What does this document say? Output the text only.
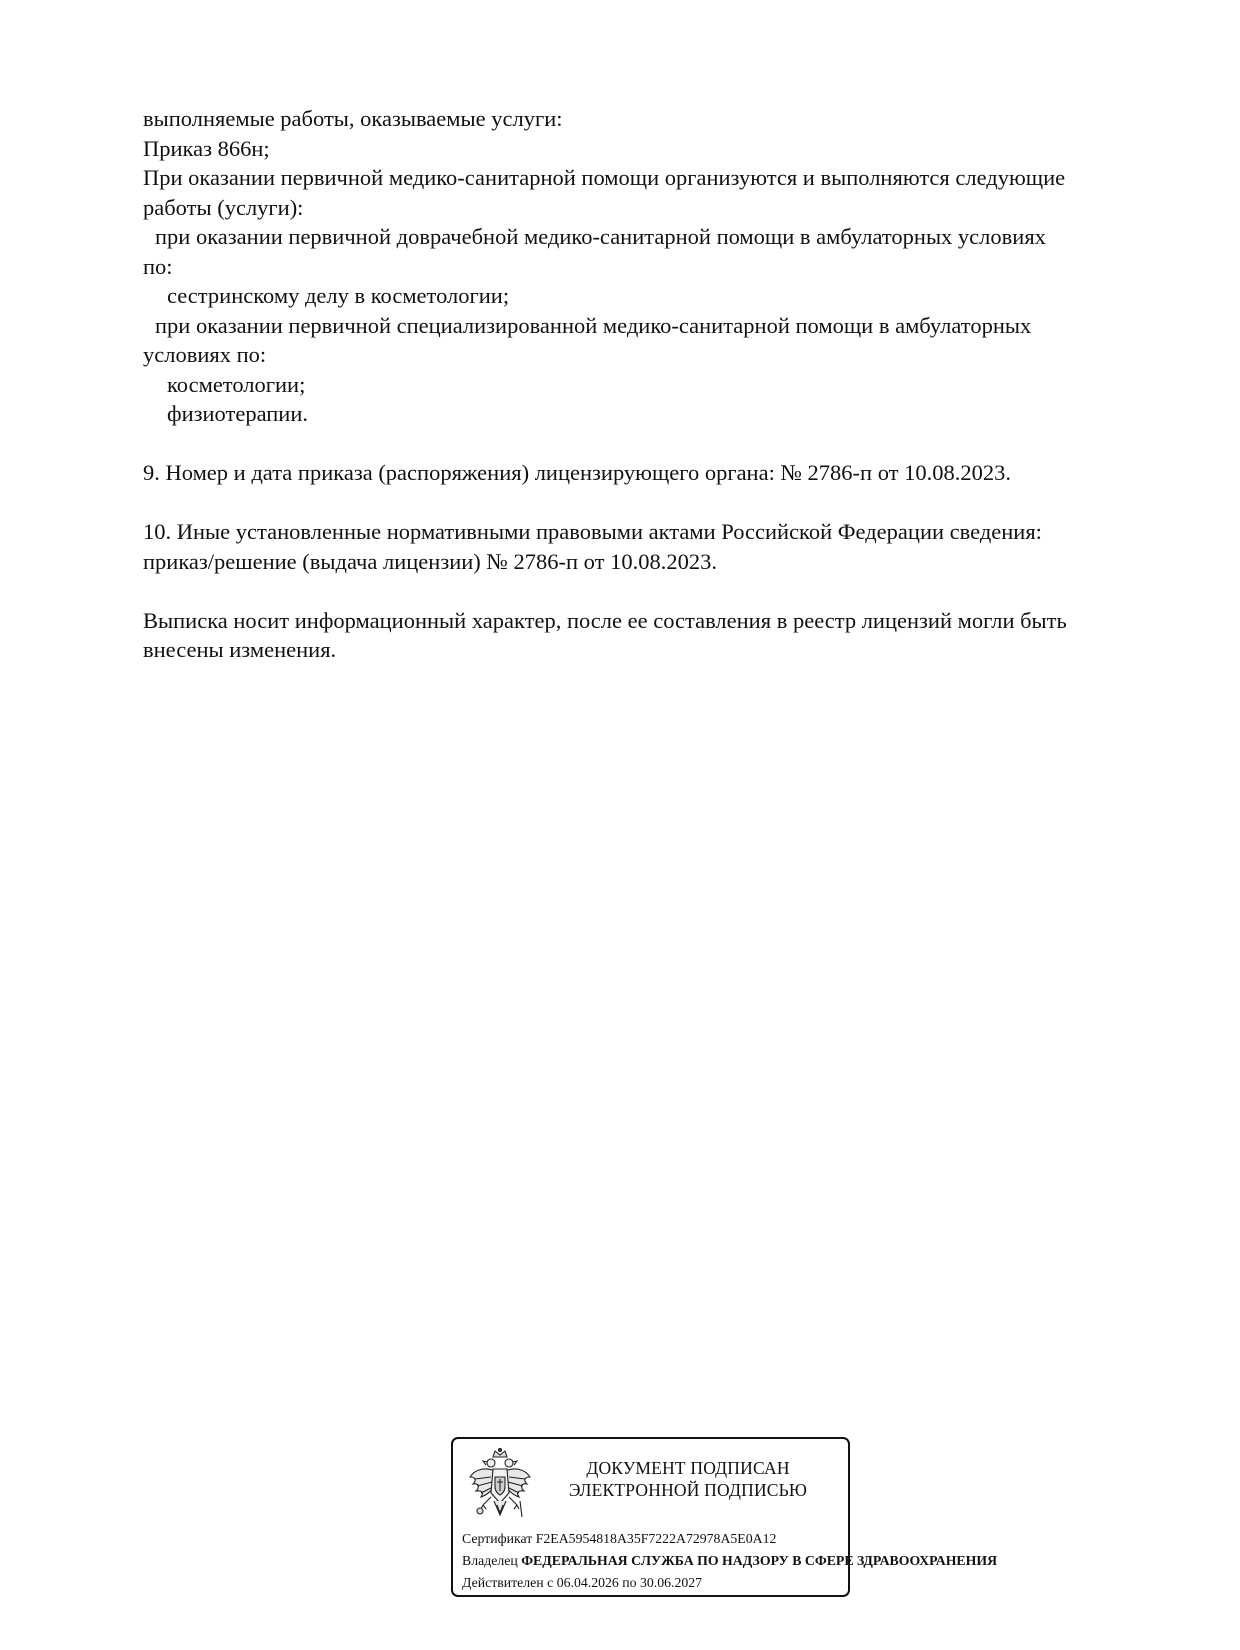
выполняемые работы, оказываемые услуги:
Приказ 866н;
При оказании первичной медико-санитарной помощи организуются и выполняются следующие
работы (услуги):
при оказании первичной доврачебной медико-санитарной помощи в амбулаторных условиях
по:
сестринскому делу в косметологии;
при оказании первичной специализированной медико-санитарной помощи в амбулаторных
условиях по:
косметологии;
физиотерапии.
9. Номер и дата приказа (распоряжения) лицензирующего органа: № 2786-п от 10.08.2023.
10. Иные установленные нормативными правовыми актами Российской Федерации сведения:
приказ/решение (выдача лицензии) № 2786-п от 10.08.2023.
Выписка носит информационный характер, после ее составления в реестр лицензий могли быть
внесены изменения.
ДОКУМЕНТ ПОДПИСАН
ЭЛЕКТРОННОЙ ПОДПИСЬЮ
Сертификат F2EA5954818A35F7222A72978A5E0A12
Владелец ФЕДЕРАЛЬНАЯ СЛУЖБА ПО НАДЗОРУ В СФЕРЕ ЗДРАВООХРАНЕНИЯ
Действителен с 06.04.2026 по 30.06.2027
